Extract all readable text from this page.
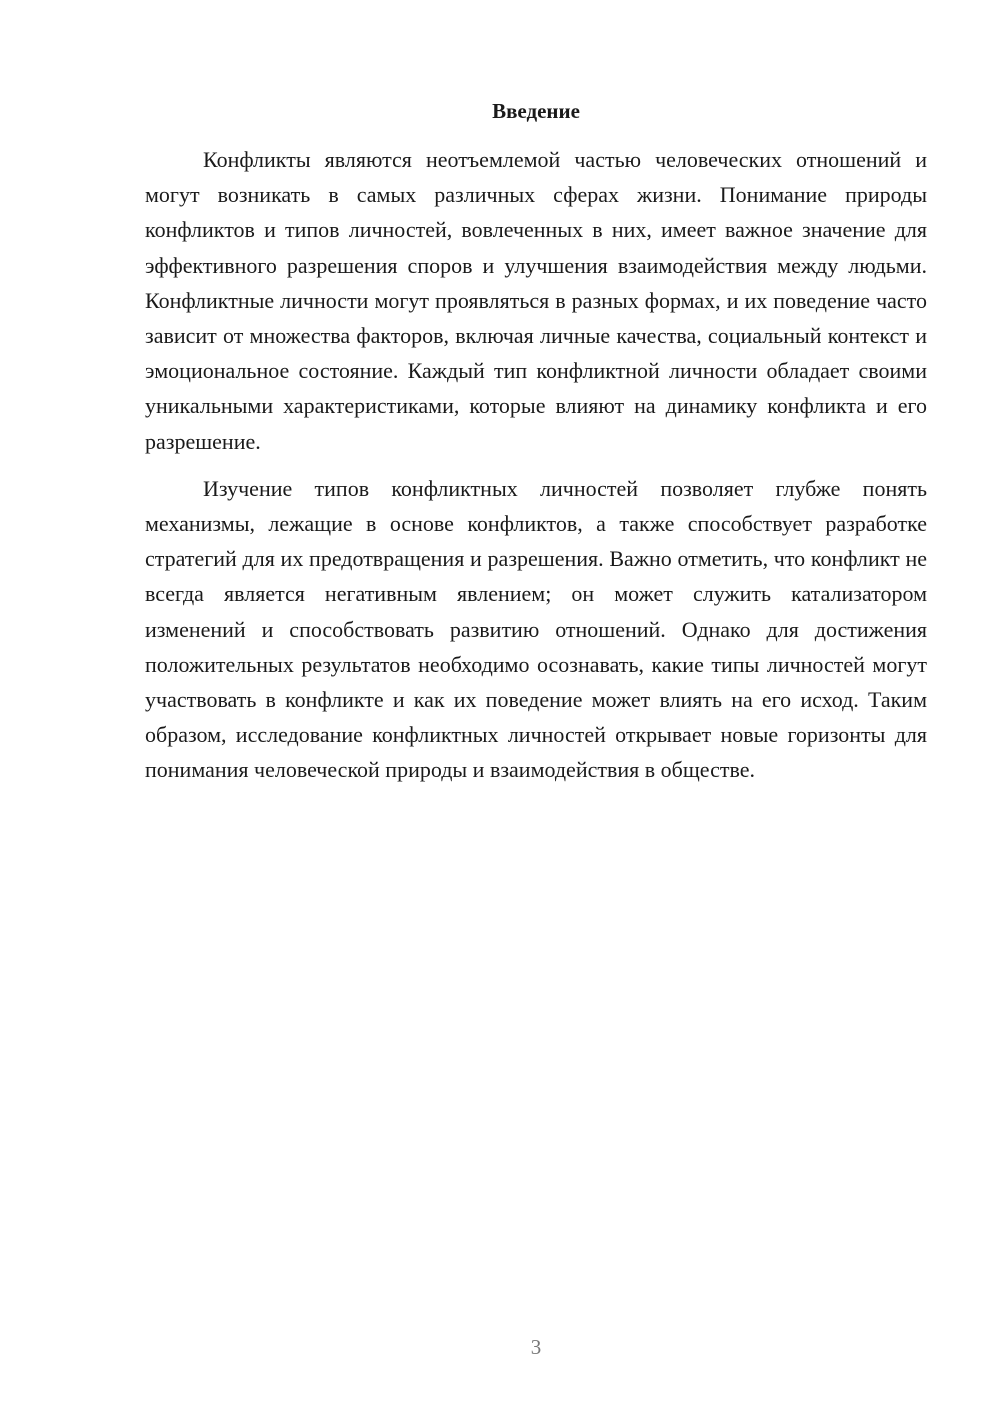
Введение

Конфликты являются неотъемлемой частью человеческих отношений и могут возникать в самых различных сферах жизни. Понимание природы конфликтов и типов личностей, вовлеченных в них, имеет важное значение для эффективного разрешения споров и улучшения взаимодействия между людьми. Конфликтные личности могут проявляться в разных формах, и их поведение часто зависит от множества факторов, включая личные качества, социальный контекст и эмоциональное состояние. Каждый тип конфликтной личности обладает своими уникальными характеристиками, которые влияют на динамику конфликта и его разрешение.

Изучение типов конфликтных личностей позволяет глубже понять механизмы, лежащие в основе конфликтов, а также способствует разработке стратегий для их предотвращения и разрешения. Важно отметить, что конфликт не всегда является негативным явлением; он может служить катализатором изменений и способствовать развитию отношений. Однако для достижения положительных результатов необходимо осознавать, какие типы личностей могут участвовать в конфликте и как их поведение может влиять на его исход. Таким образом, исследование конфликтных личностей открывает новые горизонты для понимания человеческой природы и взаимодействия в обществе.

3
